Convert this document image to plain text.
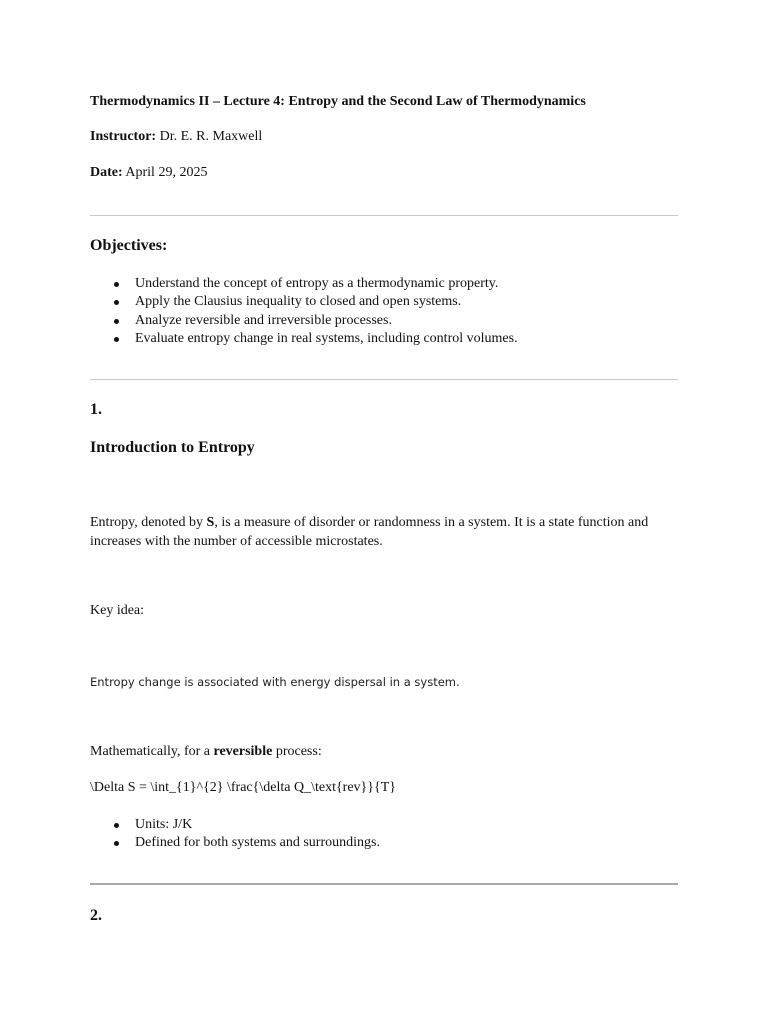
Thermodynamics II – Lecture 4: Entropy and the Second Law of Thermodynamics
Instructor: Dr. E. R. Maxwell
Date: April 29, 2025
Objectives:
Understand the concept of entropy as a thermodynamic property.
Apply the Clausius inequality to closed and open systems.
Analyze reversible and irreversible processes.
Evaluate entropy change in real systems, including control volumes.
1.
Introduction to Entropy
Entropy, denoted by S, is a measure of disorder or randomness in a system. It is a state function and increases with the number of accessible microstates.
Key idea:
Entropy change is associated with energy dispersal in a system.
Mathematically, for a reversible process:
\Delta S = \int_{1}^{2} \frac{\delta Q_\text{rev}}{T}
Units: J/K
Defined for both systems and surroundings.
2.
